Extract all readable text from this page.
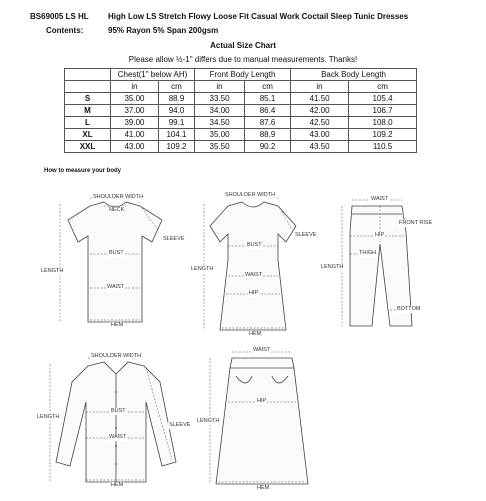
BS69005 LS HL High Low LS Stretch Flowy Loose Fit Casual Work Coctail Sleep Tunic Dresses
Contents:	95% Rayon 5% Span 200gsm
Actual Size Chart
Please allow ½-1" differs due to manual measurements. Thanks!
	Chest(1" below AH)		Front Body Length		Back Body Length	
	in	cm	in	cm	in	cm
S	35.00	88.9	33.50	85.1	41.50	105.4
M	37.00	94.0	34.00	86.4	42.00	106.7
L	39.00	99.1	34.50	87.6	42.50	108.0
XL	41.00	104.1	35.00	88.9	43.00	109.2
XXL	43.00	109.2	35.50	90.2	43.50	110.5
How to measure your body
SHOULDER WIDTH
NECK
SLEEVE
BUST
LENGTH
WAIST
HEM
SHOULDER WIDTH
SLEEVE
BUST
LENGTH
WAIST
HIP
HEM
WAIST
FRONT RISE
HIP
THIGH
LENGTH
BOTTOM
SHOULDER WIDTH
BUST
WAIST
LENGTH
SLEEVE
HEM
WAIST
HIP
LENGTH
HEM
